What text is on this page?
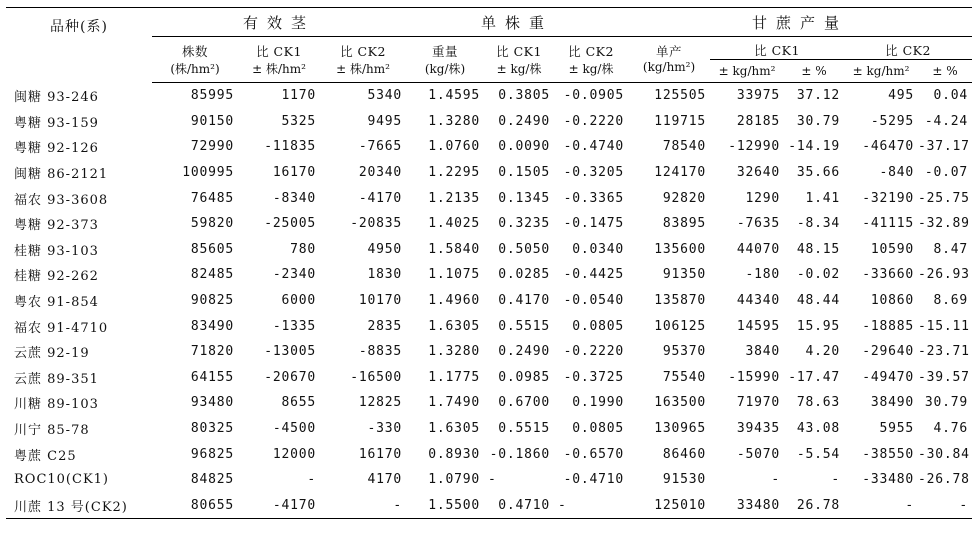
品种(系)	有效茎			单株重			甘蔗产量				
	株数	比 CK1	比 CK2	重量	比 CK1	比 CK2	单产	比 CK1		比 CK2	
	(株/hm²)	± 株/hm²	± 株/hm²	(kg/株)	± kg/株	± kg/株	(kg/hm²)	± kg/hm²	± %	± kg/hm²	± %
闽糖 93-246	85995	1170	5340	1.4595	0.3805	-0.0905	125505	33975	37.12	495	0.04
粤糖 93-159	90150	5325	9495	1.3280	0.2490	-0.2220	119715	28185	30.79	-5295	-4.24
粤糖 92-126	72990	-11835	-7665	1.0760	0.0090	-0.4740	78540	-12990	-14.19	-46470	-37.17
闽糖 86-2121	100995	16170	20340	1.2295	0.1505	-0.3205	124170	32640	35.66	-840	-0.07
福农 93-3608	76485	-8340	-4170	1.2135	0.1345	-0.3365	92820	1290	1.41	-32190	-25.75
粤糖 92-373	59820	-25005	-20835	1.4025	0.3235	-0.1475	83895	-7635	-8.34	-41115	-32.89
桂糖 93-103	85605	780	4950	1.5840	0.5050	0.0340	135600	44070	48.15	10590	8.47
桂糖 92-262	82485	-2340	1830	1.1075	0.0285	-0.4425	91350	-180	-0.02	-33660	-26.93
粤农 91-854	90825	6000	10170	1.4960	0.4170	-0.0540	135870	44340	48.44	10860	8.69
福农 91-4710	83490	-1335	2835	1.6305	0.5515	0.0805	106125	14595	15.95	-18885	-15.11
云蔗 92-19	71820	-13005	-8835	1.3280	0.2490	-0.2220	95370	3840	4.20	-29640	-23.71
云蔗 89-351	64155	-20670	-16500	1.1775	0.0985	-0.3725	75540	-15990	-17.47	-49470	-39.57
川糖 89-103	93480	8655	12825	1.7490	0.6700	0.1990	163500	71970	78.63	38490	30.79
川宁 85-78	80325	-4500	-330	1.6305	0.5515	0.0805	130965	39435	43.08	5955	4.76
粤蔗 C25	96825	12000	16170	0.8930	-0.1860	-0.6570	86460	-5070	-5.54	-38550	-30.84
ROC10(CK1)	84825	-	4170	1.0790	-	-0.4710	91530	-	-	-33480	-26.78
川蔗 13 号(CK2)	80655	-4170	-	1.5500	0.4710	-	125010	33480	26.78	-	-
